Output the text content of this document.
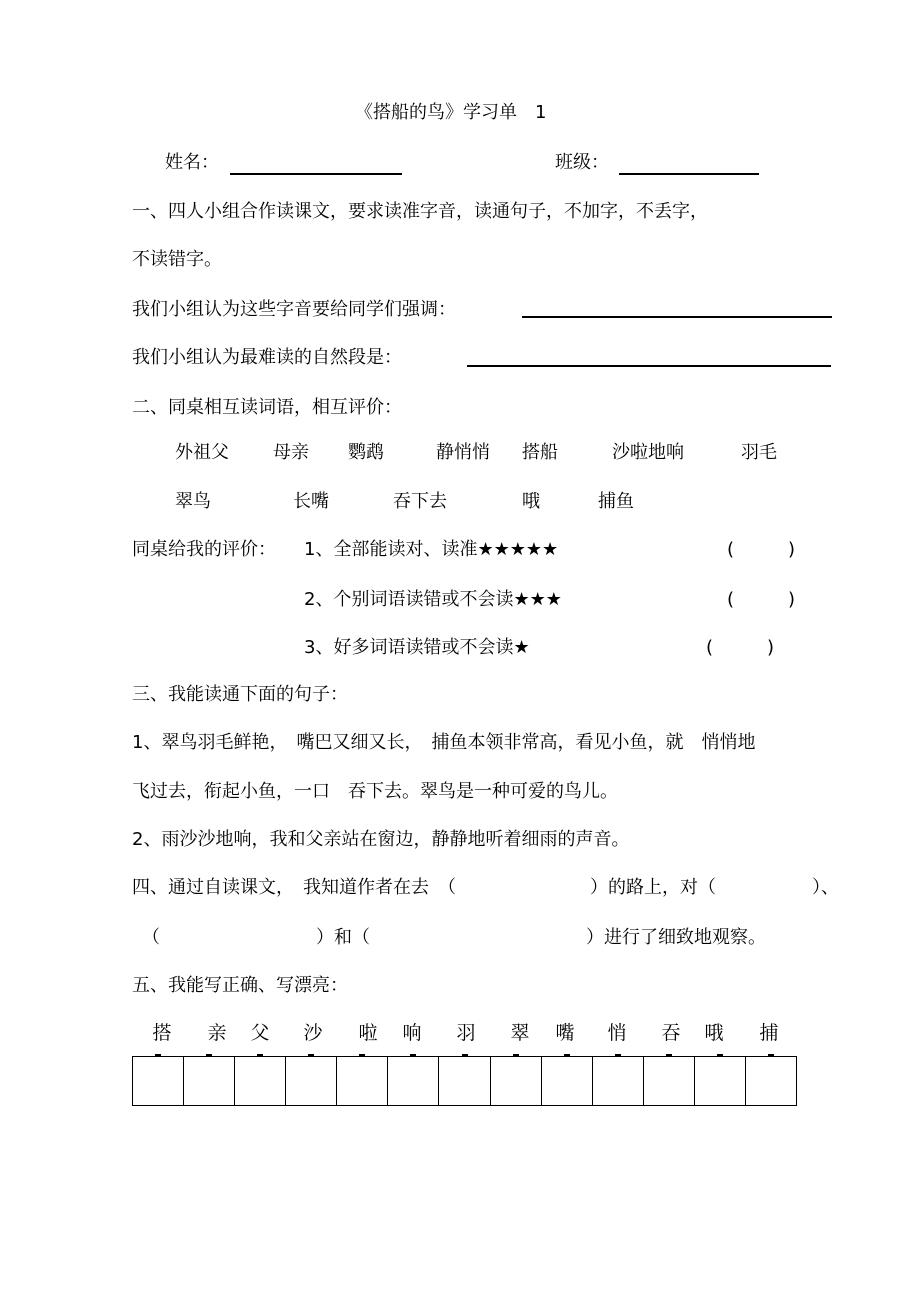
《搭船的鸟》学习单　1
姓名：	班级：
一、四人小组合作读课文，要求读准字音，读通句子，不加字，不丢字，
不读错字。
我们小组认为这些字音要给同学们强调：
我们小组认为最难读的自然段是：
二、同桌相互读词语，相互评价：
外祖父 母亲 鹦鹉	静悄悄 搭船	沙啦地响	羽毛
翠鸟	长嘴	吞下去	哦	捕鱼
同桌给我的评价： 1、全部能读对、读准★★★★★	(　　　)
2、个别词语读错或不会读★★★	(　　　)
3、好多词语读错或不会读★	(　　　)
三、我能读通下面的句子：
1、翠鸟羽毛鲜艳，　嘴巴又细又长，　捕鱼本领非常高，看见小鱼，就　悄悄地
飞过去，衔起小鱼，一口　吞下去。翠鸟是一种可爱的鸟儿。
2、雨沙沙地响，我和父亲站在窗边，静静地听着细雨的声音。
四、通过自读课文，　我知道作者在去　（	）的路上，对（	）、
（	）和（	）进行了细致地观察。
五、我能写正确、写漂亮：
搭 亲 父 沙 啦 响 羽 翠 嘴 悄 吞 哦 捕
